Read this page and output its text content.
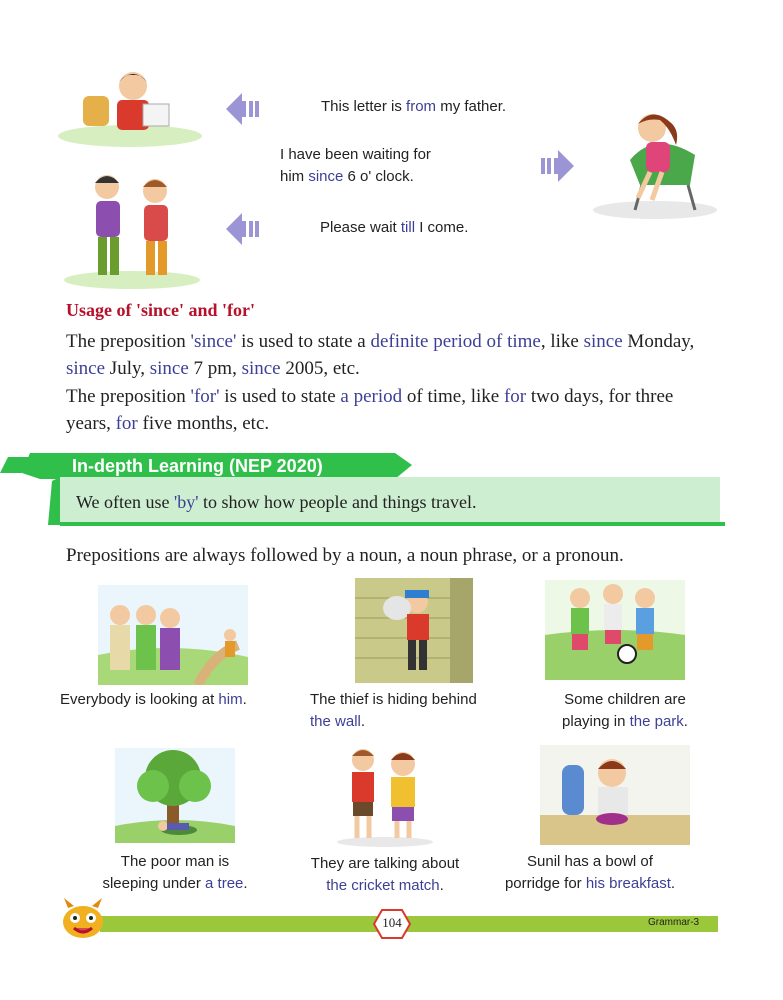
This letter is from my father.
I have been waiting for
him since 6 o' clock.
Please wait till I come.
Usage of 'since' and 'for'
The preposition 'since' is used to state a definite period of time, like since Monday,
since July, since 7 pm, since 2005, etc.
The preposition 'for' is used to state a period of time, like for two days, for three
years, for five months, etc.
In-depth Learning (NEP 2020)
We often use 'by' to show how people and things travel.
Prepositions are always followed by a noun, a noun phrase, or a pronoun.
Everybody is looking at him.	The thief is hiding behind
the wall.
Some children are
playing in the park.
The poor man is
sleeping under a tree.
They are talking about
the cricket match.
Sunil has a bowl of
porridge for his breakfast.
104	Grammar-3
